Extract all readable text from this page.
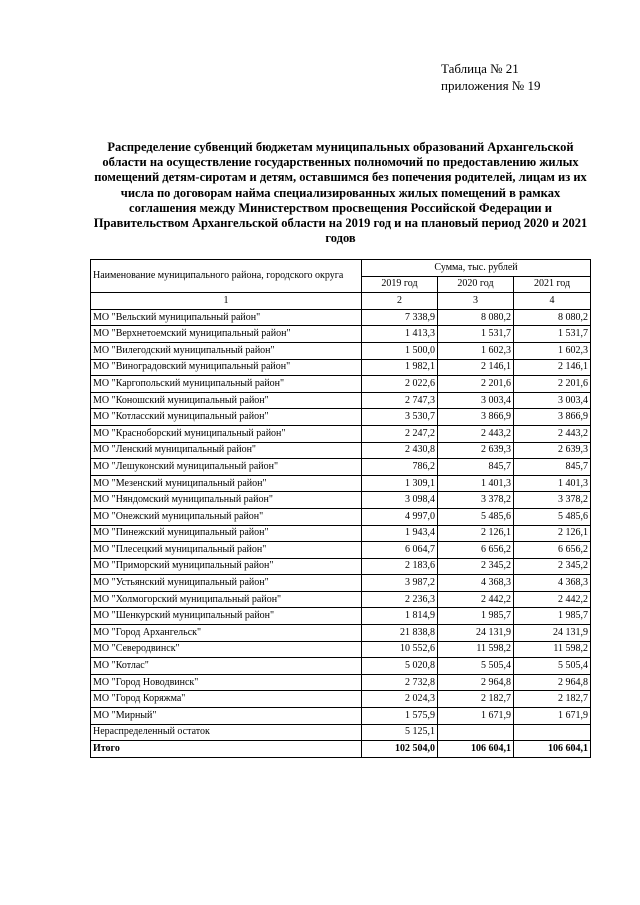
Таблица № 21
приложения № 19
Распределение субвенций бюджетам муниципальных образований Архангельской области на осуществление государственных полномочий по предоставлению жилых помещений детям-сиротам и детям, оставшимся без попечения родителей, лицам из их числа по договорам найма специализированных жилых помещений в рамках соглашения между Министерством просвещения Российской Федерации и Правительством Архангельской области на 2019 год и на плановый период 2020 и 2021 годов
Наименование муниципального района, городского округа	Сумма, тыс. рублей		
	2019 год	2020 год	2021 год
1	2	3	4
МО "Вельский муниципальный район"	7 338,9	8 080,2	8 080,2
МО "Верхнетоемский муниципальный район"	1 413,3	1 531,7	1 531,7
МО "Вилегодский муниципальный район"	1 500,0	1 602,3	1 602,3
МО "Виноградовский муниципальный район"	1 982,1	2 146,1	2 146,1
МО "Каргопольский муниципальный район"	2 022,6	2 201,6	2 201,6
МО "Коношский муниципальный район"	2 747,3	3 003,4	3 003,4
МО "Котласский муниципальный район"	3 530,7	3 866,9	3 866,9
МО "Красноборский муниципальный район"	2 247,2	2 443,2	2 443,2
МО "Ленский муниципальный район"	2 430,8	2 639,3	2 639,3
МО "Лешуконский муниципальный район"	786,2	845,7	845,7
МО "Мезенский муниципальный район"	1 309,1	1 401,3	1 401,3
МО "Няндомский муниципальный район"	3 098,4	3 378,2	3 378,2
МО "Онежский муниципальный район"	4 997,0	5 485,6	5 485,6
МО "Пинежский муниципальный район"	1 943,4	2 126,1	2 126,1
МО "Плесецкий муниципальный район"	6 064,7	6 656,2	6 656,2
МО "Приморский муниципальный район"	2 183,6	2 345,2	2 345,2
МО "Устьянский муниципальный район"	3 987,2	4 368,3	4 368,3
МО "Холмогорский муниципальный район"	2 236,3	2 442,2	2 442,2
МО "Шенкурский муниципальный район"	1 814,9	1 985,7	1 985,7
МО "Город Архангельск"	21 838,8	24 131,9	24 131,9
МО "Северодвинск"	10 552,6	11 598,2	11 598,2
МО "Котлас"	5 020,8	5 505,4	5 505,4
МО "Город Новодвинск"	2 732,8	2 964,8	2 964,8
МО "Город Коряжма"	2 024,3	2 182,7	2 182,7
МО "Мирный"	1 575,9	1 671,9	1 671,9
Нераспределенный остаток	5 125,1		
Итого	102 504,0	106 604,1	106 604,1
